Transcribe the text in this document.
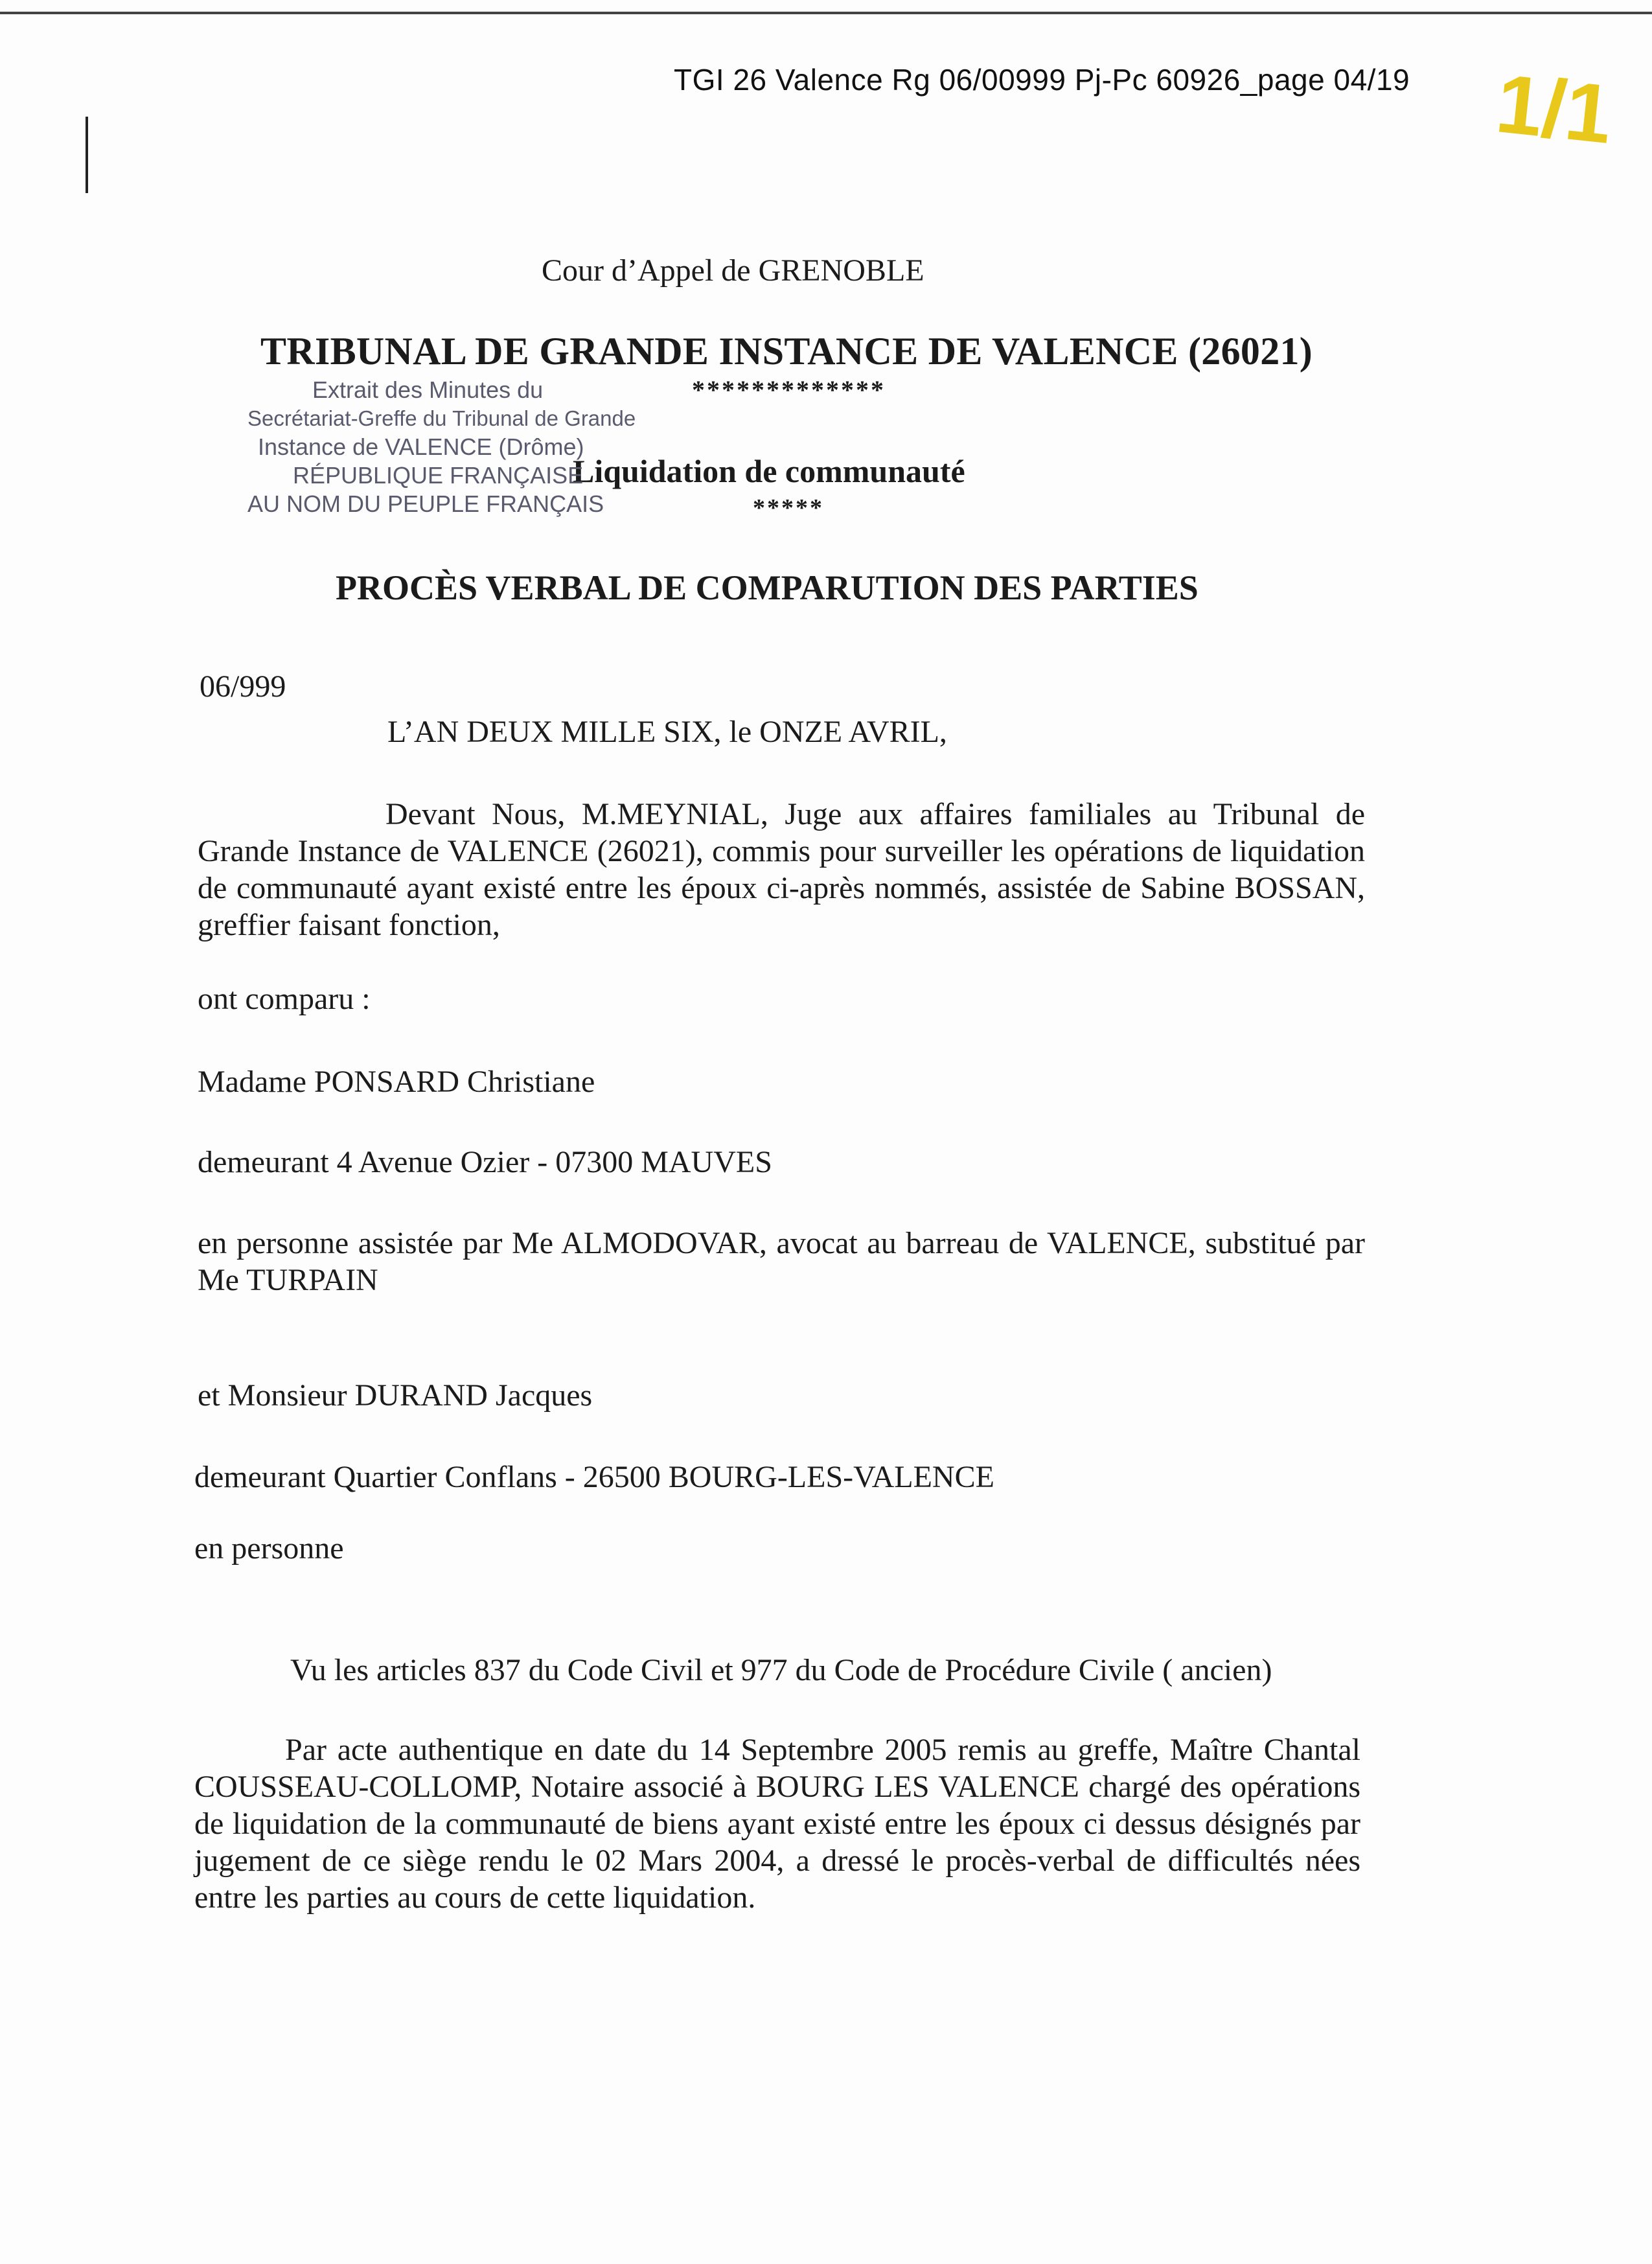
TGI 26 Valence Rg 06/00999 Pj-Pc 60926_page 04/19 1/1
Cour d’Appel de GRENOBLE
TRIBUNAL DE GRANDE INSTANCE DE VALENCE (26021)
*************
Extrait des Minutes du
Secrétariat-Greffe du Tribunal de Grande
Instance de VALENCE (Drôme)
RÉPUBLIQUE FRANÇAISE
AU NOM DU PEUPLE FRANÇAIS
Liquidation de communauté
*****
PROCÈS VERBAL DE COMPARUTION DES PARTIES
06/999
L’AN DEUX MILLE SIX, le ONZE AVRIL,
Devant Nous, M.MEYNIAL, Juge aux affaires familiales au Tribunal de Grande Instance de VALENCE (26021), commis pour surveiller les opérations de liquidation de communauté ayant existé entre les époux ci-après nommés, assistée de Sabine BOSSAN, greffier faisant fonction,
ont comparu :
Madame PONSARD Christiane
demeurant 4 Avenue Ozier - 07300 MAUVES
en personne assistée par Me ALMODOVAR, avocat au barreau de VALENCE, substitué par Me TURPAIN
et Monsieur DURAND Jacques
demeurant Quartier Conflans - 26500 BOURG-LES-VALENCE
en personne
Vu les articles 837 du Code Civil et 977 du Code de Procédure Civile ( ancien)
Par acte authentique en date du 14 Septembre 2005 remis au greffe, Maître Chantal COUSSEAU-COLLOMP, Notaire associé à BOURG LES VALENCE chargé des opérations de liquidation de la communauté de biens ayant existé entre les époux ci dessus désignés par jugement de ce siège rendu le 02 Mars 2004, a dressé le procès-verbal de difficultés nées entre les parties au cours de cette liquidation.
